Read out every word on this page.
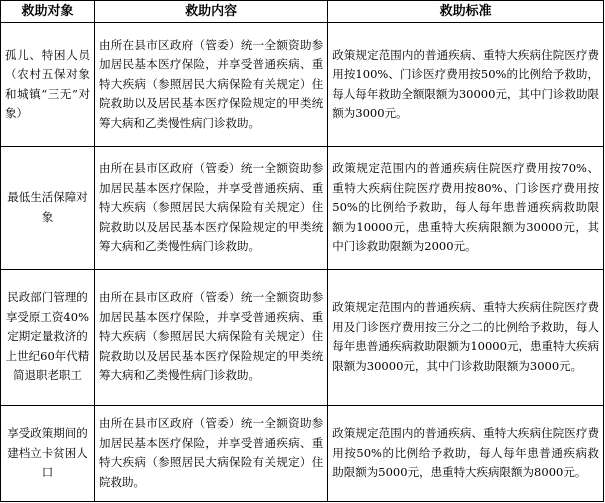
救助对象	救助内容	救助标准
孤儿、特困人员（农村五保对象和城镇“三无”对象）	由所在县市区政府（管委）统一全额资助参加居民基本医疗保险，并享受普通疾病、重特大疾病（参照居民大病保险有关规定）住院救助以及居民基本医疗保险规定的甲类统筹大病和乙类慢性病门诊救助。	政策规定范围内的普通疾病、重特大疾病住院医疗费用按100%、门诊医疗费用按50%的比例给予救助，每人每年救助全额限额为30000元，其中门诊救助限额为3000元。
最低生活保障对象	由所在县市区政府（管委）统一全额资助参加居民基本医疗保险，并享受普通疾病、重特大疾病（参照居民大病保险有关规定）住院救助以及居民基本医疗保险规定的甲类统筹大病和乙类慢性病门诊救助。	政策规定范围内的普通疾病住院医疗费用按70%、重特大疾病住院医疗费用按80%、门诊医疗费用按50%的比例给予救助，每人每年患普通疾病救助限额为10000元，患重特大疾病限额为30000元，其中门诊救助限额为2000元。
民政部门管理的享受原工资40%定期定量救济的上世纪60年代精简退职老职工	由所在县市区政府（管委）统一全额资助参加居民基本医疗保险，并享受普通疾病、重特大疾病（参照居民大病保险有关规定）住院救助以及居民基本医疗保险规定的甲类统筹大病和乙类慢性病门诊救助。	政策规定范围内的普通疾病、重特大疾病住院医疗费用及门诊医疗费用按三分之二的比例给予救助，每人每年患普通疾病救助限额为10000元，患重特大疾病限额为30000元，其中门诊救助限额为3000元。
享受政策期间的建档立卡贫困人口	由所在县市区政府（管委）统一全额资助参加居民基本医疗保险，并享受普通疾病、重特大疾病（参照居民大病保险有关规定）住院救助。	政策规定范围内的普通疾病、重特大疾病住院医疗费用按50%的比例给予救助，每人每年患普通疾病救助限额为5000元，患重特大疾病限额为8000元。
